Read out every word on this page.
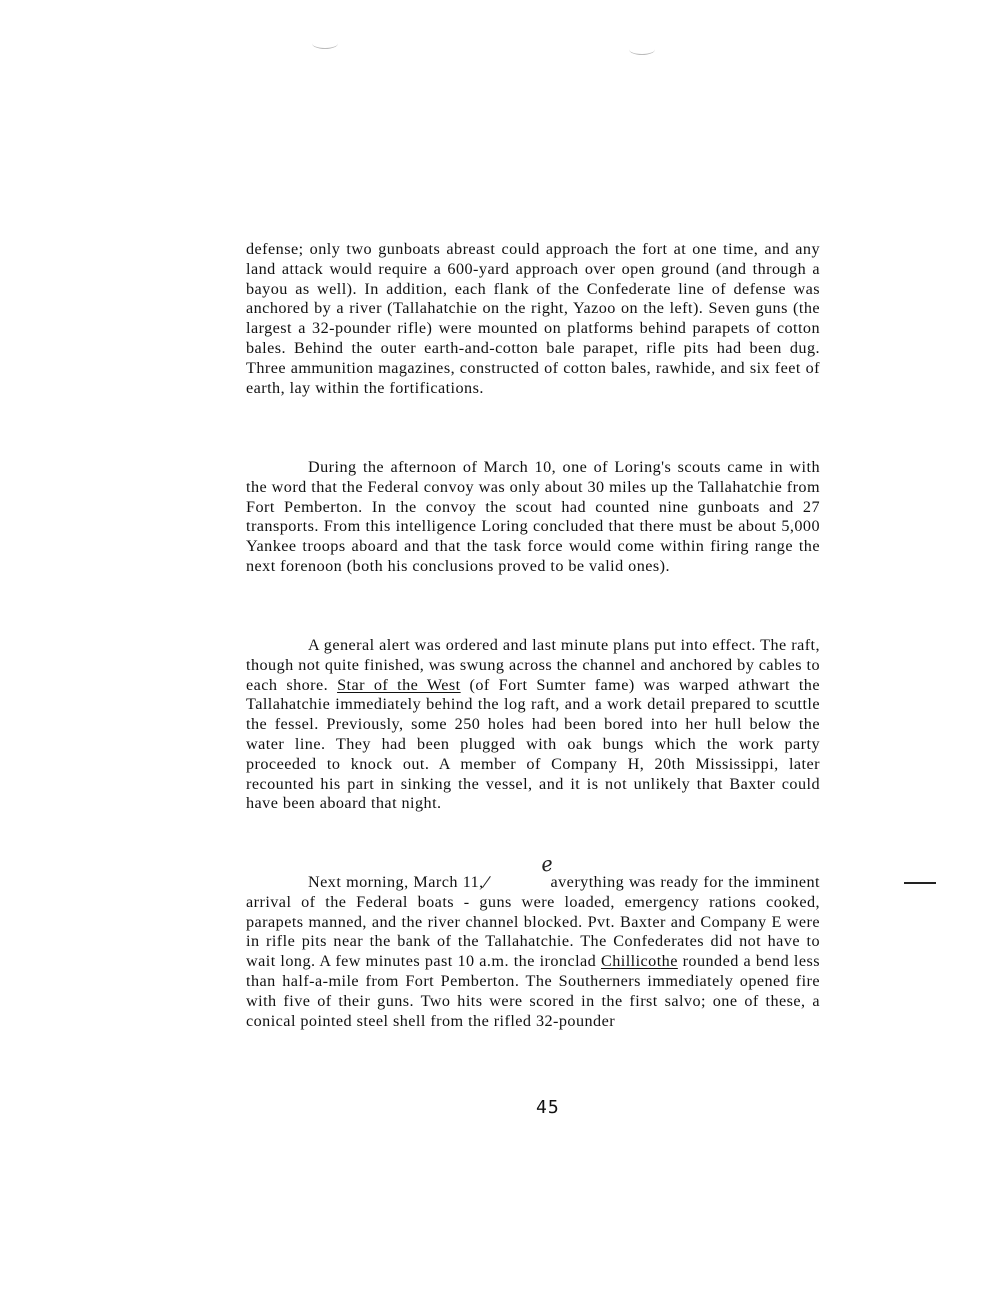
defense; only two gunboats abreast could approach the fort at one time, and any land attack would require a 600-yard approach over open ground (and through a bayou as well). In addition, each flank of the Confederate line of defense was anchored by a river (Tallahatchie on the right, Yazoo on the left). Seven guns (the largest a 32-pounder rifle) were mounted on platforms behind parapets of cotton bales. Behind the outer earth-and-cotton bale parapet, rifle pits had been dug. Three ammunition magazines, constructed of cotton bales, rawhide, and six feet of earth, lay within the fortifications.

During the afternoon of March 10, one of Loring's scouts came in with the word that the Federal convoy was only about 30 miles up the Tallahatchie from Fort Pemberton. In the convoy the scout had counted nine gunboats and 27 transports. From this intelligence Loring concluded that there must be about 5,000 Yankee troops aboard and that the task force would come within firing range the next forenoon (both his conclusions proved to be valid ones).

A general alert was ordered and last minute plans put into effect. The raft, though not quite finished, was swung across the channel and anchored by cables to each shore. Star of the West (of Fort Sumter fame) was warped athwart the Tallahatchie immediately behind the log raft, and a work detail prepared to scuttle the fessel. Previously, some 250 holes had been bored into her hull below the water line. They had been plugged with oak bungs which the work party proceeded to knock out. A member of Company H, 20th Mississippi, later recounted his part in sinking the vessel, and it is not unlikely that Baxter could have been aboard that night.

Next morning, March 11,	averything was ready for the imminent arrival of the Federal boats - guns were loaded, emergency rations cooked, parapets manned, and the river channel blocked. Pvt. Baxter and Company E were in rifle pits near the bank of the Tallahatchie. The Confederates did not have to wait long. A few minutes past 10 a.m. the ironclad Chillicothe rounded a bend less than half-a-mile from Fort Pemberton. The Southerners immediately opened fire with five of their guns. Two hits were scored in the first salvo; one of these, a conical pointed steel shell from the rifled 32-pounder

e
45
